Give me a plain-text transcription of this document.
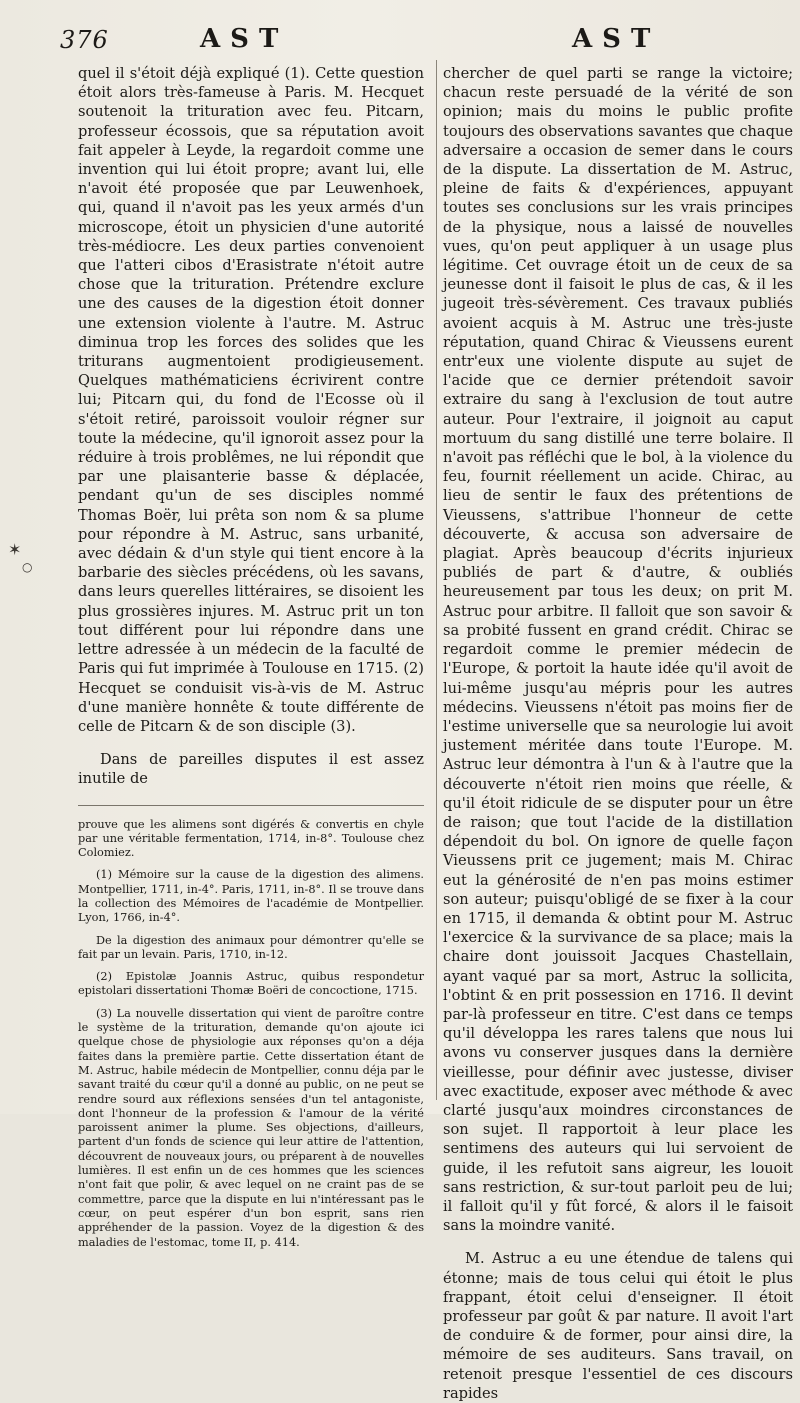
376	AST	AST

quel il s'étoit déjà expliqué (1). Cette question étoit alors très-fameuse à Paris. M. Hecquet soutenoit la trituration avec feu. Pitcarn, professeur écossois, que sa réputation avoit fait appeler à Leyde, la regardoit comme une invention qui lui étoit propre; avant lui, elle n'avoit été proposée que par Leuwenhoek, qui, quand il n'avoit pas les yeux armés d'un microscope, étoit un physicien d'une autorité très-médiocre. Les deux parties convenoient que l'atteri cibos d'Erasistrate n'étoit autre chose que la trituration. Prétendre exclure une des causes de la digestion étoit donner une extension violente à l'autre. M. Astruc diminua trop les forces des solides que les triturans augmentoient prodigieusement. Quelques mathématiciens écrivirent contre lui; Pitcarn qui, du fond de l'Ecosse où il s'étoit retiré, paroissoit vouloir régner sur toute la médecine, qu'il ignoroit assez pour la réduire à trois problêmes, ne lui répondit que par une plaisanterie basse & déplacée, pendant qu'un de ses disciples nommé Thomas Boër, lui prêta son nom & sa plume pour répondre à M. Astruc, sans urbanité, avec dédain & d'un style qui tient encore à la barbarie des siècles précédens, où les savans, dans leurs querelles littéraires, se disoient les plus grossières injures. M. Astruc prit un ton tout différent pour lui répondre dans une lettre adressée à un médecin de la faculté de Paris qui fut imprimée à Toulouse en 1715. (2) Hecquet se conduisit vis-à-vis de M. Astruc d'une manière honnête & toute différente de celle de Pitcarn & de son disciple (3).

Dans de pareilles disputes il est assez inutile de

prouve que les alimens sont digérés & convertis en chyle par une véritable fermentation, 1714, in-8°. Toulouse chez Colomiez.

(1) Mémoire sur la cause de la digestion des alimens. Montpellier, 1711, in-4°. Paris, 1711, in-8°. Il se trouve dans la collection des Mémoires de l'académie de Montpellier. Lyon, 1766, in-4°.

De la digestion des animaux pour démontrer qu'elle se fait par un levain. Paris, 1710, in-12.

(2) Epistolæ Joannis Astruc, quibus respondetur epistolari dissertationi Thomæ Boëri de concoctione, 1715.

(3) La nouvelle dissertation qui vient de paroître contre le système de la trituration, demande qu'on ajoute ici quelque chose de physiologie aux réponses qu'on a déja faites dans la première partie. Cette dissertation étant de M. Astruc, habile médecin de Montpellier, connu déja par le savant traité du cœur qu'il a donné au public, on ne peut se rendre sourd aux réflexions sensées d'un tel antagoniste, dont l'honneur de la profession & l'amour de la vérité paroissent animer la plume. Ses objections, d'ailleurs, partent d'un fonds de science qui leur attire de l'attention, découvrent de nouveaux jours, ou préparent à de nouvelles lumières. Il est enfin un de ces hommes que les sciences n'ont fait que polir, & avec lequel on ne craint pas de se commettre, parce que la dispute en lui n'intéressant pas le cœur, on peut espérer d'un bon esprit, sans rien appréhender de la passion. Voyez de la digestion & des maladies de l'estomac, tome II, p. 414.

chercher de quel parti se range la victoire; chacun reste persuadé de la vérité de son opinion; mais du moins le public profite toujours des observations savantes que chaque adversaire a occasion de semer dans le cours de la dispute. La dissertation de M. Astruc, pleine de faits & d'expériences, appuyant toutes ses conclusions sur les vrais principes de la physique, nous a laissé de nouvelles vues, qu'on peut appliquer à un usage plus légitime. Cet ouvrage étoit un de ceux de sa jeunesse dont il faisoit le plus de cas, & il les jugeoit très-sévèrement. Ces travaux publiés avoient acquis à M. Astruc une très-juste réputation, quand Chirac & Vieussens eurent entr'eux une violente dispute au sujet de l'acide que ce dernier prétendoit savoir extraire du sang à l'exclusion de tout autre auteur. Pour l'extraire, il joignoit au caput mortuum du sang distillé une terre bolaire. Il n'avoit pas réfléchi que le bol, à la violence du feu, fournit réellement un acide. Chirac, au lieu de sentir le faux des prétentions de Vieussens, s'attribue l'honneur de cette découverte, & accusa son adversaire de plagiat. Après beaucoup d'écrits injurieux publiés de part & d'autre, & oubliés heureusement par tous les deux; on prit M. Astruc pour arbitre. Il falloit que son savoir & sa probité fussent en grand crédit. Chirac se regardoit comme le premier médecin de l'Europe, & portoit la haute idée qu'il avoit de lui-même jusqu'au mépris pour les autres médecins. Vieussens n'étoit pas moins fier de l'estime universelle que sa neurologie lui avoit justement méritée dans toute l'Europe. M. Astruc leur démontra à l'un & à l'autre que la découverte n'étoit rien moins que réelle, & qu'il étoit ridicule de se disputer pour un être de raison; que tout l'acide de la distillation dépendoit du bol. On ignore de quelle façon Vieussens prit ce jugement; mais M. Chirac eut la générosité de n'en pas moins estimer son auteur; puisqu'obligé de se fixer à la cour en 1715, il demanda & obtint pour M. Astruc l'exercice & la survivance de sa place; mais la chaire dont jouissoit Jacques Chastellain, ayant vaqué par sa mort, Astruc la sollicita, l'obtint & en prit possession en 1716. Il devint par-là professeur en titre. C'est dans ce temps qu'il développa les rares talens que nous lui avons vu conserver jusques dans la dernière vieillesse, pour définir avec justesse, diviser avec exactitude, exposer avec méthode & avec clarté jusqu'aux moindres circonstances de son sujet. Il rapportoit à leur place les sentimens des auteurs qui lui servoient de guide, il les refutoit sans aigreur, les louoit sans restriction, & sur-tout parloit peu de lui; il falloit qu'il y fût forcé, & alors il le faisoit sans la moindre vanité.

M. Astruc a eu une étendue de talens qui étonne; mais de tous celui qui étoit le plus frappant, étoit celui d'enseigner. Il étoit professeur par goût & par nature. Il avoit l'art de conduire & de former, pour ainsi dire, la mémoire de ses auditeurs. Sans travail, on retenoit presque l'essentiel de ces discours rapides

✶
○
